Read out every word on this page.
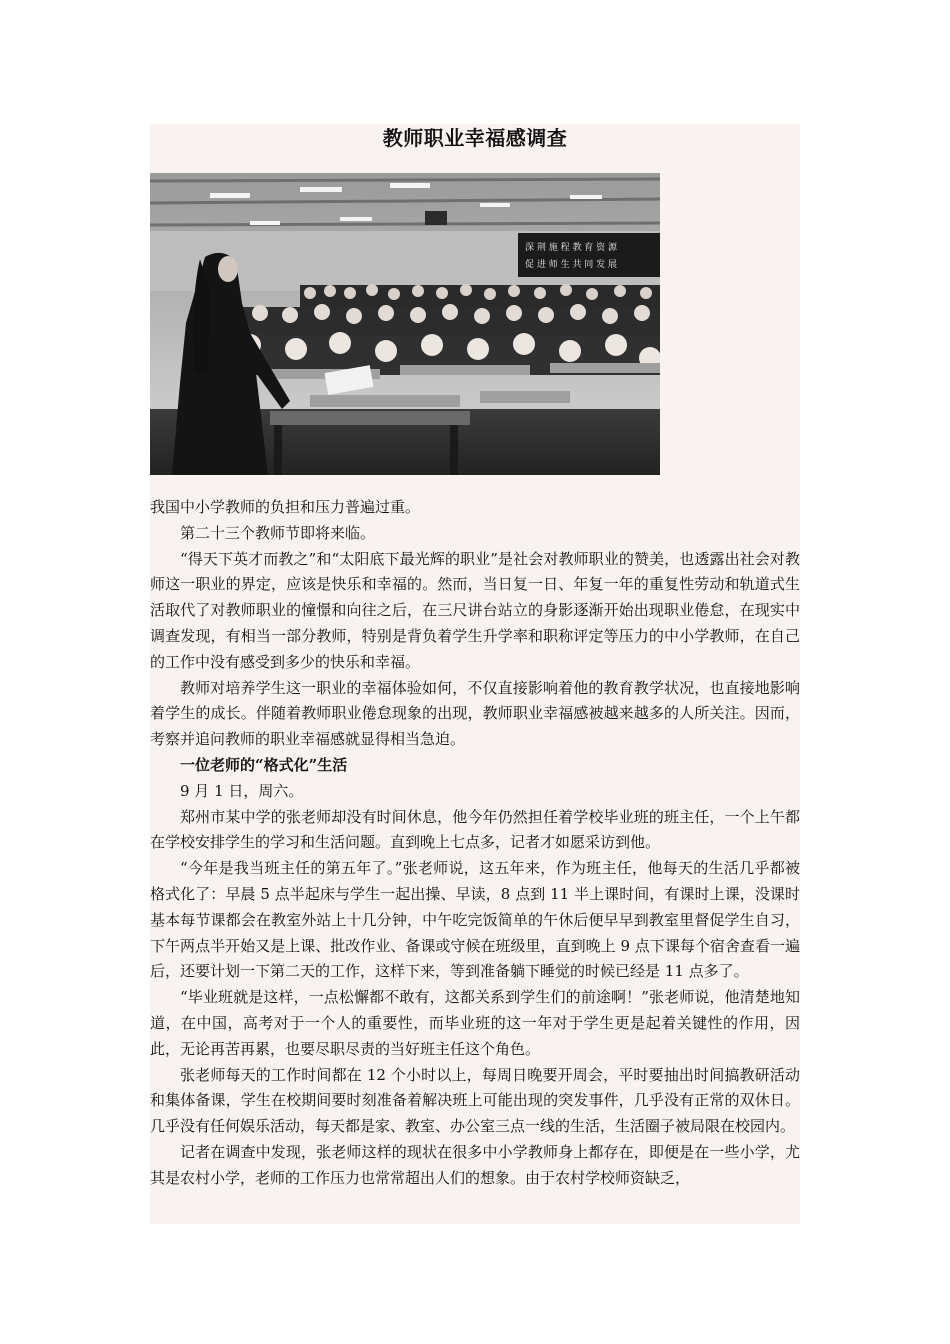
教师职业幸福感调查
深 荆 施 程 教 育 资 源
促 进 师 生 共 同 发 展

我国中小学教师的负担和压力普遍过重。

第二十三个教师节即将来临。

“得天下英才而教之”和“太阳底下最光辉的职业”是社会对教师职业的赞美，也透露出社会对教师这一职业的界定，应该是快乐和幸福的。然而，当日复一日、年复一年的重复性劳动和轨道式生活取代了对教师职业的憧憬和向往之后，在三尺讲台站立的身影逐渐开始出现职业倦怠，在现实中调查发现，有相当一部分教师，特别是背负着学生升学率和职称评定等压力的中小学教师，在自己的工作中没有感受到多少的快乐和幸福。

教师对培养学生这一职业的幸福体验如何，不仅直接影响着他的教育教学状况，也直接地影响着学生的成长。伴随着教师职业倦怠现象的出现，教师职业幸福感被越来越多的人所关注。因而，考察并追问教师的职业幸福感就显得相当急迫。

一位老师的“格式化”生活

9 月 1 日，周六。

郑州市某中学的张老师却没有时间休息，他今年仍然担任着学校毕业班的班主任，一个上午都在学校安排学生的学习和生活问题。直到晚上七点多，记者才如愿采访到他。

“今年是我当班主任的第五年了。”张老师说，这五年来，作为班主任，他每天的生活几乎都被格式化了：早晨 5 点半起床与学生一起出操、早读，8 点到 11 半上课时间，有课时上课，没课时基本每节课都会在教室外站上十几分钟，中午吃完饭简单的午休后便早早到教室里督促学生自习，下午两点半开始又是上课、批改作业、备课或守候在班级里，直到晚上 9 点下课每个宿舍查看一遍后，还要计划一下第二天的工作，这样下来，等到准备躺下睡觉的时候已经是 11 点多了。

“毕业班就是这样，一点松懈都不敢有，这都关系到学生们的前途啊！”张老师说，他清楚地知道，在中国，高考对于一个人的重要性，而毕业班的这一年对于学生更是起着关键性的作用，因此，无论再苦再累，也要尽职尽责的当好班主任这个角色。

张老师每天的工作时间都在 12 个小时以上，每周日晚要开周会，平时要抽出时间搞教研活动和集体备课，学生在校期间要时刻准备着解决班上可能出现的突发事件，几乎没有正常的双休日。几乎没有任何娱乐活动，每天都是家、教室、办公室三点一线的生活，生活圈子被局限在校园内。

记者在调查中发现，张老师这样的现状在很多中小学教师身上都存在，即便是在一些小学，尤其是农村小学，老师的工作压力也常常超出人们的想象。由于农村学校师资缺乏，
